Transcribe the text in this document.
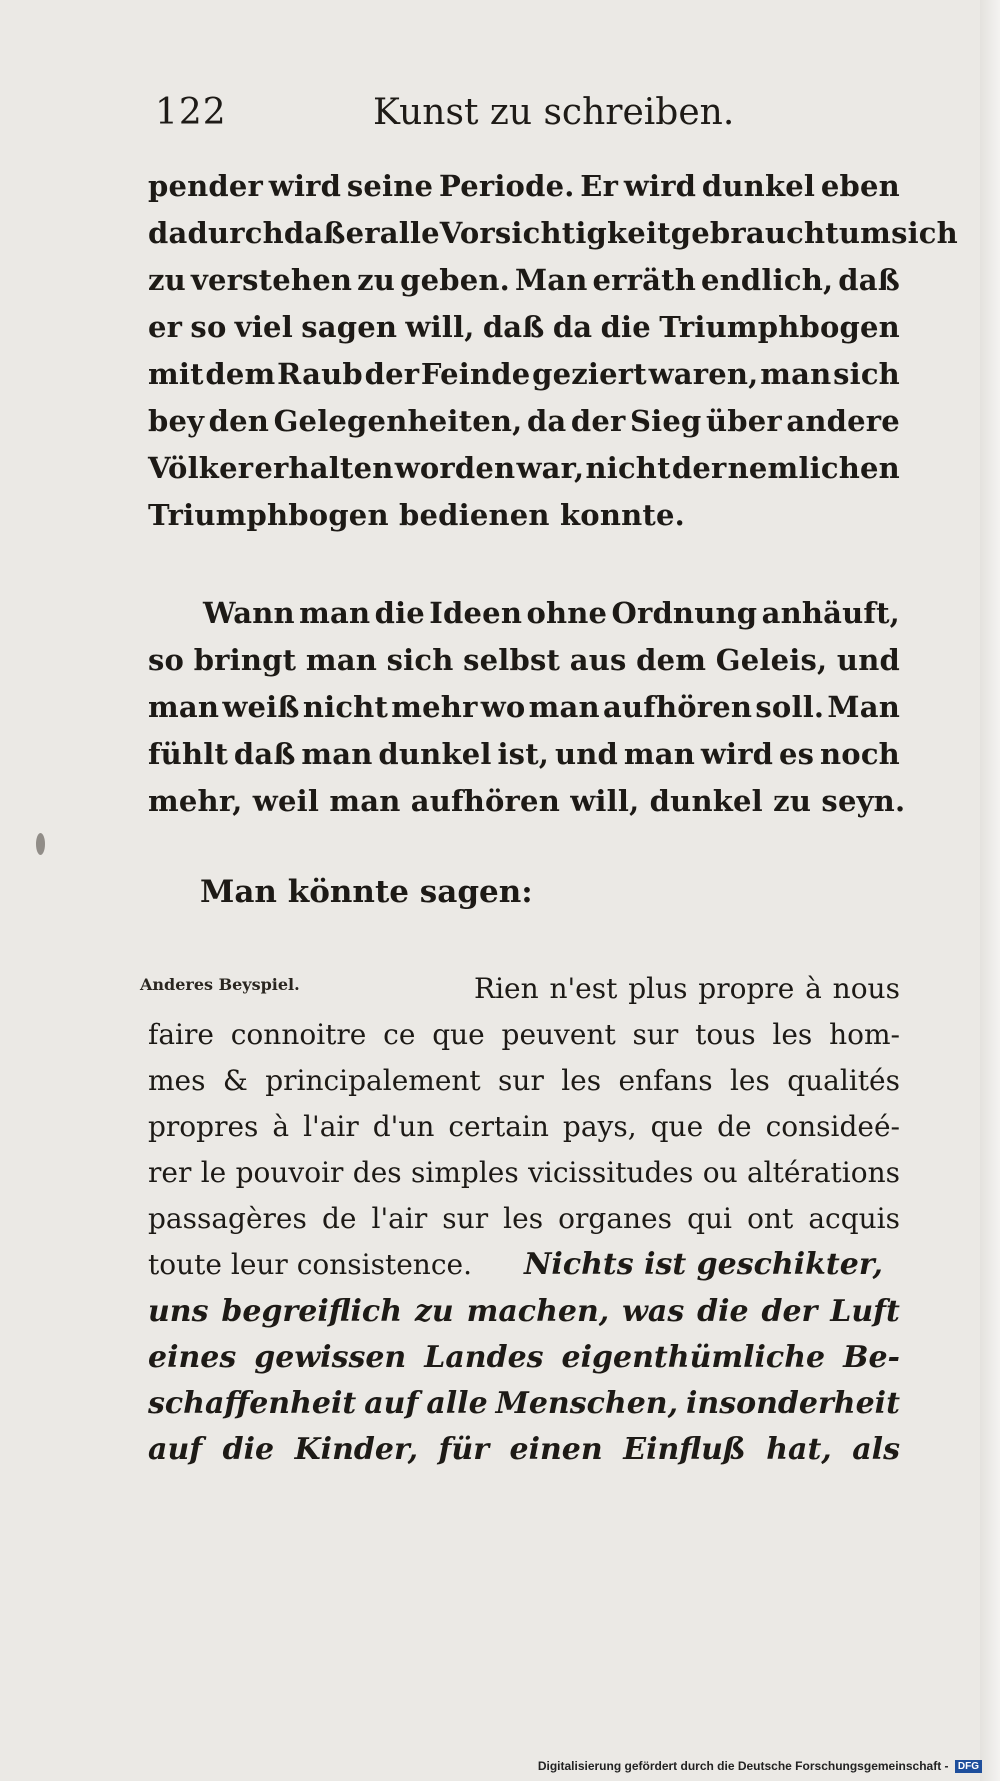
122	Kunst zu schreiben.
pender wird seine Periode. Er wird dunkel eben
dadurch daß er alle Vorsichtigkeit gebraucht um sich
zu verstehen zu geben. Man erräth endlich, daß
er so viel sagen will, daß da die Triumphbogen
mit dem Raub der Feinde geziert waren, man sich
bey den Gelegenheiten, da der Sieg über andere
Völker erhalten worden war, nicht der nemlichen
Triumphbogen bedienen konnte.
Wann man die Ideen ohne Ordnung anhäuft,
so bringt man sich selbst aus dem Geleis, und
man weiß nicht mehr wo man aufhören soll. Man
fühlt daß man dunkel ist, und man wird es noch
mehr, weil man aufhören will, dunkel zu seyn.
Man könnte sagen:
Anderes Beyspiel.	Rien n'est plus propre à nous
faire connoitre ce que peuvent sur tous les hom-
mes & principalement sur les enfans les qualités
propres à l'air d'un certain pays, que de consideé-
rer le pouvoir des simples vicissitudes ou altérations
passagères de l'air sur les organes qui ont acquis
toute leur consistence. Nichts ist geschikter,
uns begreiflich zu machen, was die der Luft
eines gewissen Landes eigenthümliche Be-
schaffenheit auf alle Menschen, insonderheit
auf die Kinder, für einen Einfluß hat, als
Digitalisierung gefördert durch die Deutsche Forschungsgemeinschaft - DFG
